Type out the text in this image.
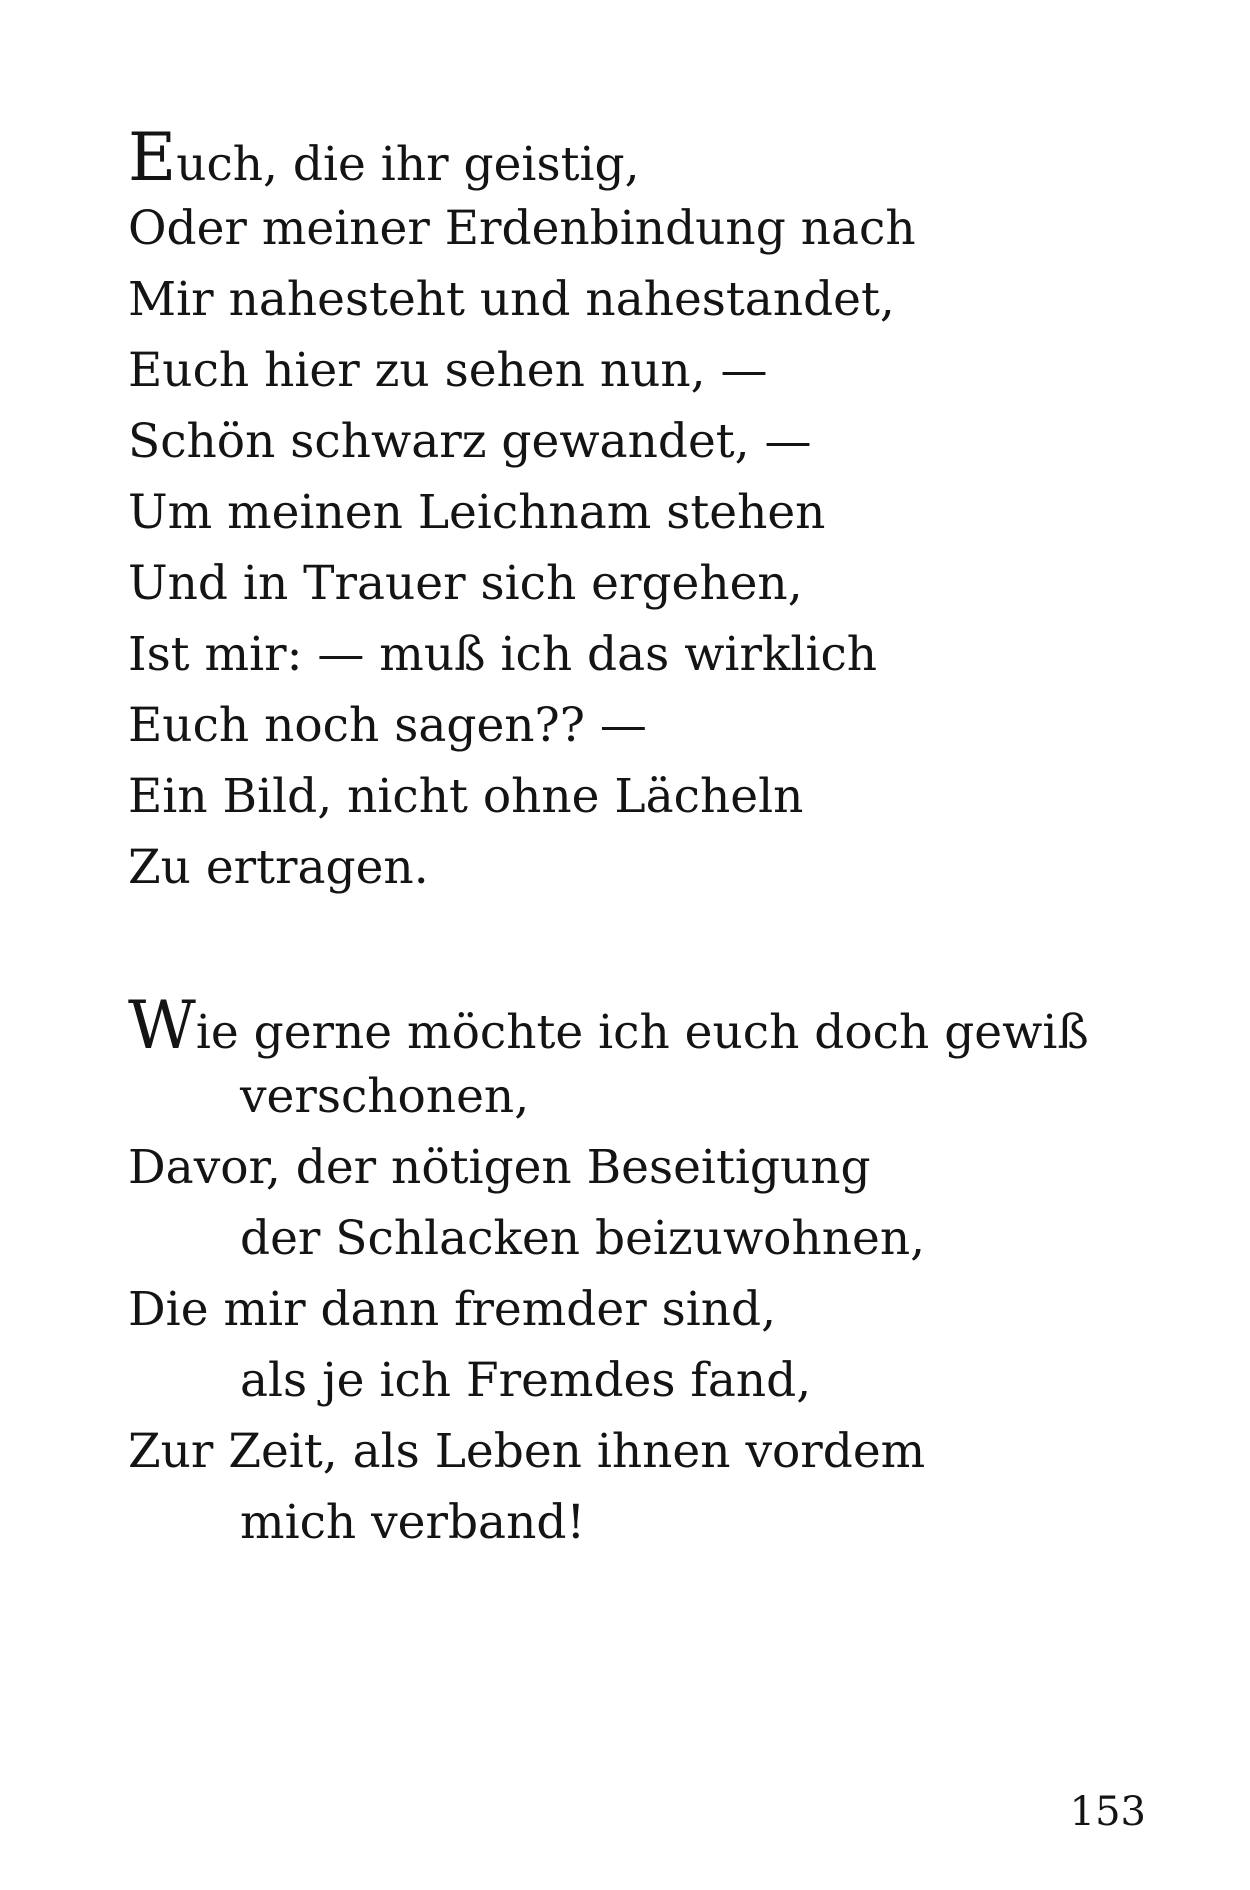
Euch, die ihr geistig,
Oder meiner Erdenbindung nach
Mir nahesteht und nahestandet,
Euch hier zu sehen nun, —
Schön schwarz gewandet, —
Um meinen Leichnam stehen
Und in Trauer sich ergehen,
Ist mir: — muß ich das wirklich
Euch noch sagen?? —
Ein Bild, nicht ohne Lächeln
Zu ertragen.
Wie gerne möchte ich euch doch gewiß
verschonen,
Davor, der nötigen Beseitigung
der Schlacken beizuwohnen,
Die mir dann fremder sind,
als je ich Fremdes fand,
Zur Zeit, als Leben ihnen vordem
mich verband!
153
